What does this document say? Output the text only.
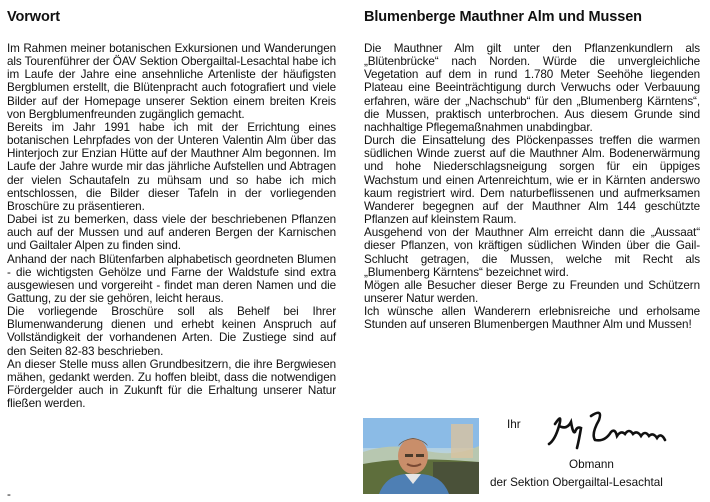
Vorwort

Im Rahmen meiner botanischen Exkursionen und Wanderungen als Tourenführer der ÖAV Sektion Obergailtal-Lesachtal habe ich im Laufe der Jahre eine ansehnliche Artenliste der häufigsten Bergblumen erstellt, die Blütenpracht auch fotografiert und viele Bilder auf der Homepage unserer Sektion einem breiten Kreis von Bergblumenfreunden zugänglich gemacht.

Bereits im Jahr 1991 habe ich mit der Errichtung eines botanischen Lehrpfades von der Unteren Valentin Alm über das Hinterjoch zur Enzian Hütte auf der Mauthner Alm begonnen. Im Laufe der Jahre wurde mir das jährliche Aufstellen und Abtragen der vielen Schautafeln zu mühsam und so habe ich mich entschlossen, die Bilder dieser Tafeln in der vorliegenden Broschüre zu präsentieren.

Dabei ist zu bemerken, dass viele der beschriebenen Pflanzen auch auf der Mussen und auf anderen Bergen der Karnischen und Gailtaler Alpen zu finden sind.

Anhand der nach Blütenfarben alphabetisch geordneten Blumen - die wichtigsten Gehölze und Farne der Waldstufe sind extra ausgewiesen und vorgereiht - findet man deren Namen und die Gattung, zu der sie gehören, leicht heraus.

Die vorliegende Broschüre soll als Behelf bei Ihrer Blumenwanderung dienen und erhebt keinen Anspruch auf Vollständigkeit der vorhandenen Arten. Die Zustiege sind auf den Seiten 82-83 beschrieben.

An dieser Stelle muss allen Grundbesitzern, die ihre Bergwiesen mähen, gedankt werden. Zu hoffen bleibt, dass die notwendigen Fördergelder auch in Zukunft für die Erhaltung unserer Natur fließen werden.

-
Blumenberge Mauthner Alm und Mussen

Die Mauthner Alm gilt unter den Pflanzenkundlern als „Blütenbrücke“ nach Norden. Würde die unvergleichliche Vegetation auf dem in rund 1.780 Meter Seehöhe liegenden Plateau eine Beeinträchtigung durch Verwuchs oder Verbauung erfahren, wäre der „Nachschub“ für den „Blumenberg Kärntens“, die Mussen, praktisch unterbrochen. Aus diesem Grunde sind nachhaltige Pflegemaßnahmen unabdingbar.

Durch die Einsattelung des Plöckenpasses treffen die warmen südlichen Winde zuerst auf die Mauthner Alm. Bodenerwärmung und hohe Niederschlagsneigung sorgen für ein üppiges Wachstum und einen Artenreichtum, wie er in Kärnten anderswo kaum registriert wird. Dem naturbeflissenen und aufmerksamen Wanderer begegnen auf der Mauthner Alm 144 geschützte Pflanzen auf kleinstem Raum.

Ausgehend von der Mauthner Alm erreicht dann die „Aussaat“ dieser Pflanzen, von kräftigen südlichen Winden über die Gail-Schlucht getragen, die Mussen, welche mit Recht als „Blumenberg Kärntens“ bezeichnet wird.

Mögen alle Besucher dieser Berge zu Freunden und Schützern unserer Natur werden.

Ich wünsche allen Wanderern erlebnisreiche und erholsame Stunden auf unseren Blumenbergen Mauthner Alm und Mussen!

Ihr
Obmann
der Sektion Obergailtal-Lesachtal
